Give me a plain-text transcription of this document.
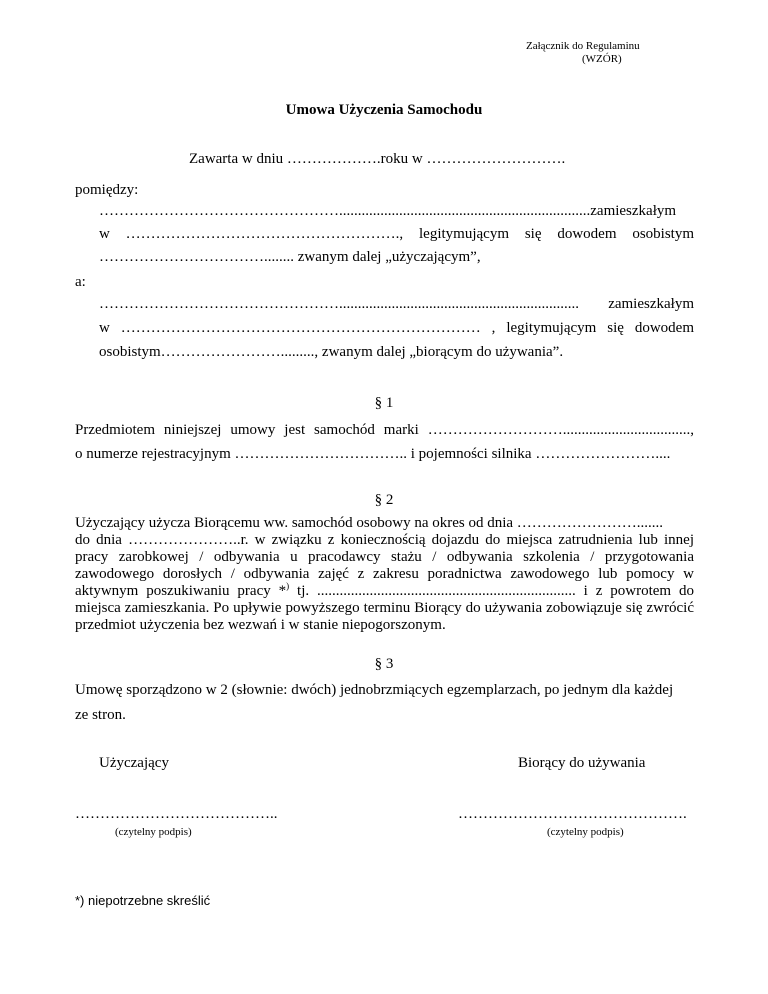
Załącznik do Regulaminu
(WZÓR)
Umowa Użyczenia Samochodu
Zawarta w dniu ……………….roku w ……………………….
pomiędzy:
…………………………………………...................................................................zamieszkałym
w ………………………………………………., legitymującym się dowodem osobistym
……………………………........ zwanym dalej „użyczającym”,
a:
…………………………………………................................................................ zamieszkałym
w ……………………………………………………………… , legitymującym się dowodem
osobistym……………………........., zwanym dalej „biorącym do używania”.
§ 1
Przedmiotem niniejszej umowy jest samochód marki ………………………..................................,
o numerze rejestracyjnym …………………………….. i pojemności silnika ……………………....
§ 2
Użyczający użycza Biorącemu ww. samochód osobowy na okres od dnia …………………….......
do dnia …………………..r. w związku z koniecznością dojazdu do miejsca zatrudnienia lub innej pracy zarobkowej / odbywania u pracodawcy stażu / odbywania szkolenia / przygotowania zawodowego dorosłych / odbywania zajęć z zakresu poradnictwa zawodowego lub pomocy w aktywnym poszukiwaniu pracy *) tj. ..................................................................... i z powrotem do miejsca zamieszkania. Po upływie powyższego terminu Biorący do używania zobowiązuje się zwrócić przedmiot użyczenia bez wezwań i w stanie niepogorszonym.
§ 3
Umowę sporządzono w 2 (słownie: dwóch) jednobrzmiących egzemplarzach, po jednym dla każdej
ze stron.
Użyczający	Biorący do używania
…………………………………..	……………………………………….
(czytelny podpis)	(czytelny podpis)
*) niepotrzebne skreślić
